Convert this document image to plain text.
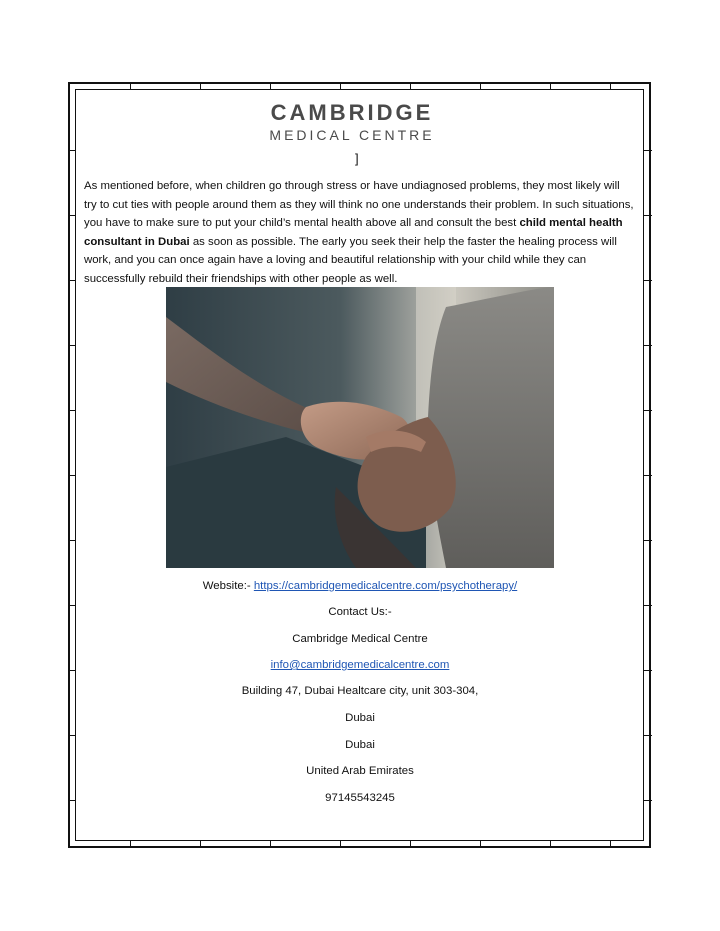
CAMBRIDGE
MEDICAL CENTRE
]
As mentioned before, when children go through stress or have undiagnosed problems, they most likely will try to cut ties with people around them as they will think no one understands their problem. In such situations, you have to make sure to put your child’s mental health above all and consult the best child mental health consultant in Dubai as soon as possible. The early you seek their help the faster the healing process will work, and you can once again have a loving and beautiful relationship with your child while they can successfully rebuild their friendships with other people as well.
Website:- https://cambridgemedicalcentre.com/psychotherapy/
Contact Us:-
Cambridge Medical Centre
info@cambridgemedicalcentre.com
Building 47, Dubai Healtcare city, unit 303-304,
Dubai
Dubai
United Arab Emirates
97145543245
